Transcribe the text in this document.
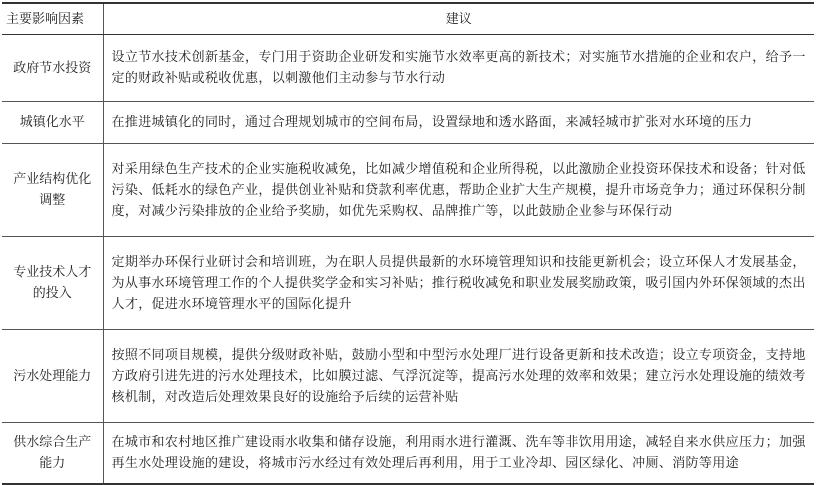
主要影响因素	建议
政府节水投资	设立节水技术创新基金，专门用于资助企业研发和实施节水效率更高的新技术；对实施节水措施的企业和农户，给予一定的财政补贴或税收优惠，以刺激他们主动参与节水行动
城镇化水平	在推进城镇化的同时，通过合理规划城市的空间布局，设置绿地和透水路面，来减轻城市扩张对水环境的压力
产业结构优化调整	对采用绿色生产技术的企业实施税收减免，比如减少增值税和企业所得税，以此激励企业投资环保技术和设备；针对低污染、低耗水的绿色产业，提供创业补贴和贷款利率优惠，帮助企业扩大生产规模，提升市场竞争力；通过环保积分制度，对减少污染排放的企业给予奖励，如优先采购权、品牌推广等，以此鼓励企业参与环保行动
专业技术人才的投入	定期举办环保行业研讨会和培训班，为在职人员提供最新的水环境管理知识和技能更新机会；设立环保人才发展基金，为从事水环境管理工作的个人提供奖学金和实习补贴；推行税收减免和职业发展奖励政策，吸引国内外环保领域的杰出人才，促进水环境管理水平的国际化提升
污水处理能力	按照不同项目规模，提供分级财政补贴，鼓励小型和中型污水处理厂进行设备更新和技术改造；设立专项资金，支持地方政府引进先进的污水处理技术，比如膜过滤、气浮沉淀等，提高污水处理的效率和效果；建立污水处理设施的绩效考核机制，对改造后处理效果良好的设施给予后续的运营补贴
供水综合生产能力	在城市和农村地区推广建设雨水收集和储存设施，利用雨水进行灌溉、洗车等非饮用用途，减轻自来水供应压力；加强再生水处理设施的建设，将城市污水经过有效处理后再利用，用于工业冷却、园区绿化、冲厕、消防等用途
